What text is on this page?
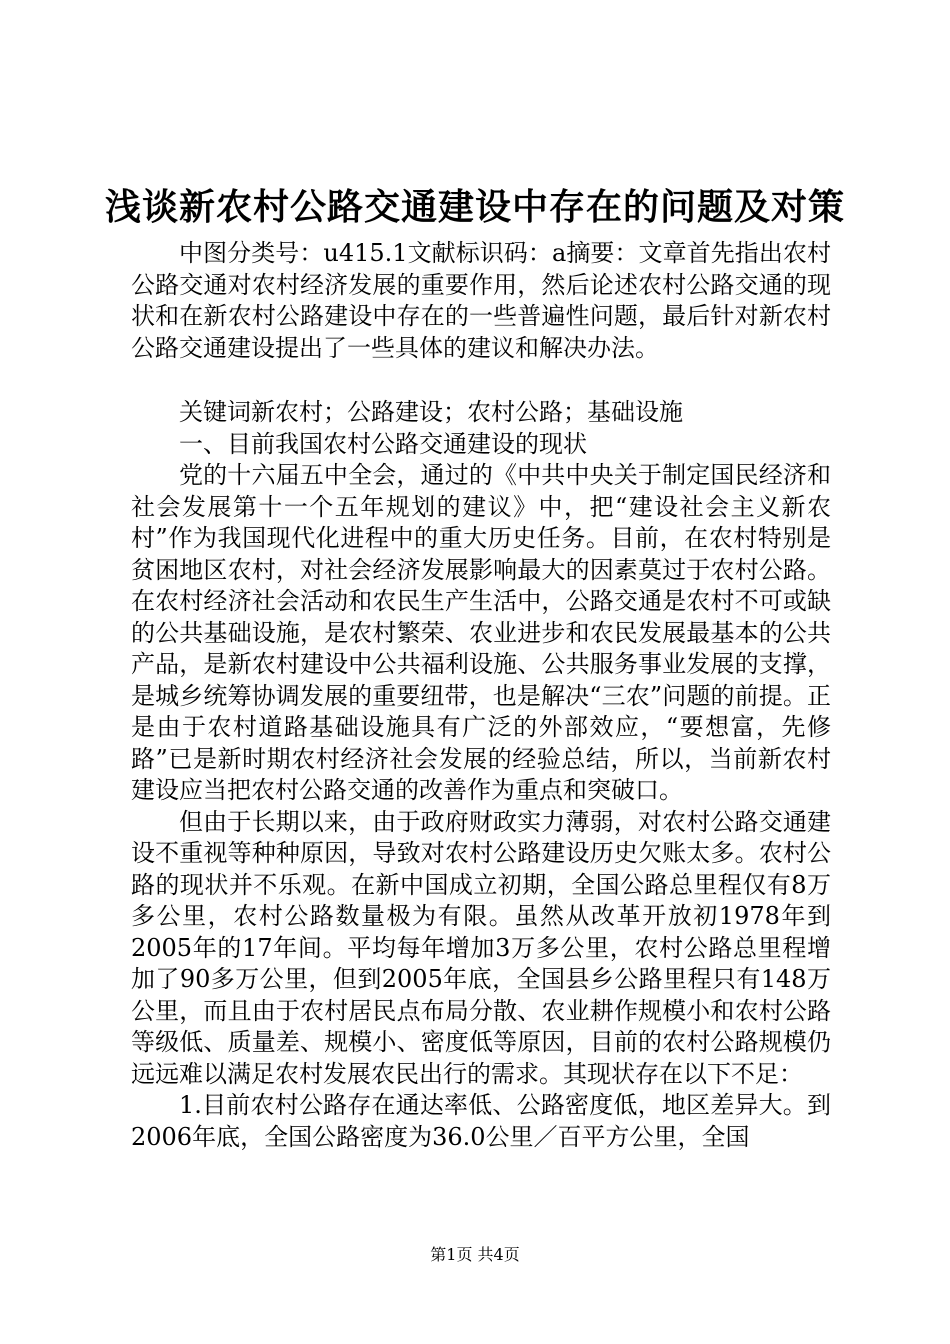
浅谈新农村公路交通建设中存在的问题及对策

中图分类号：u415.1文献标识码：a摘要：文章首先指出农村公路交通对农村经济发展的重要作用，然后论述农村公路交通的现状和在新农村公路建设中存在的一些普遍性问题，最后针对新农村公路交通建设提出了一些具体的建议和解决办法。

关键词新农村；公路建设；农村公路；基础设施

一、目前我国农村公路交通建设的现状

党的十六届五中全会，通过的《中共中央关于制定国民经济和社会发展第十一个五年规划的建议》中，把“建设社会主义新农村”作为我国现代化进程中的重大历史任务。目前，在农村特别是贫困地区农村，对社会经济发展影响最大的因素莫过于农村公路。在农村经济社会活动和农民生产生活中，公路交通是农村不可或缺的公共基础设施，是农村繁荣、农业进步和农民发展最基本的公共产品，是新农村建设中公共福利设施、公共服务事业发展的支撑，是城乡统筹协调发展的重要纽带，也是解决“三农”问题的前提。正是由于农村道路基础设施具有广泛的外部效应，“要想富，先修路”已是新时期农村经济社会发展的经验总结，所以，当前新农村建设应当把农村公路交通的改善作为重点和突破口。

但由于长期以来，由于政府财政实力薄弱，对农村公路交通建设不重视等种种原因，导致对农村公路建设历史欠账太多。农村公路的现状并不乐观。在新中国成立初期，全国公路总里程仅有8万多公里，农村公路数量极为有限。虽然从改革开放初1978年到2005年的17年间。平均每年增加3万多公里，农村公路总里程增加了90多万公里，但到2005年底，全国县乡公路里程只有148万公里，而且由于农村居民点布局分散、农业耕作规模小和农村公路等级低、质量差、规模小、密度低等原因，目前的农村公路规模仍远远难以满足农村发展农民出行的需求。其现状存在以下不足：

1.目前农村公路存在通达率低、公路密度低，地区差异大。到2006年底，全国公路密度为36.0公里／百平方公里，全国

第1页 共4页
